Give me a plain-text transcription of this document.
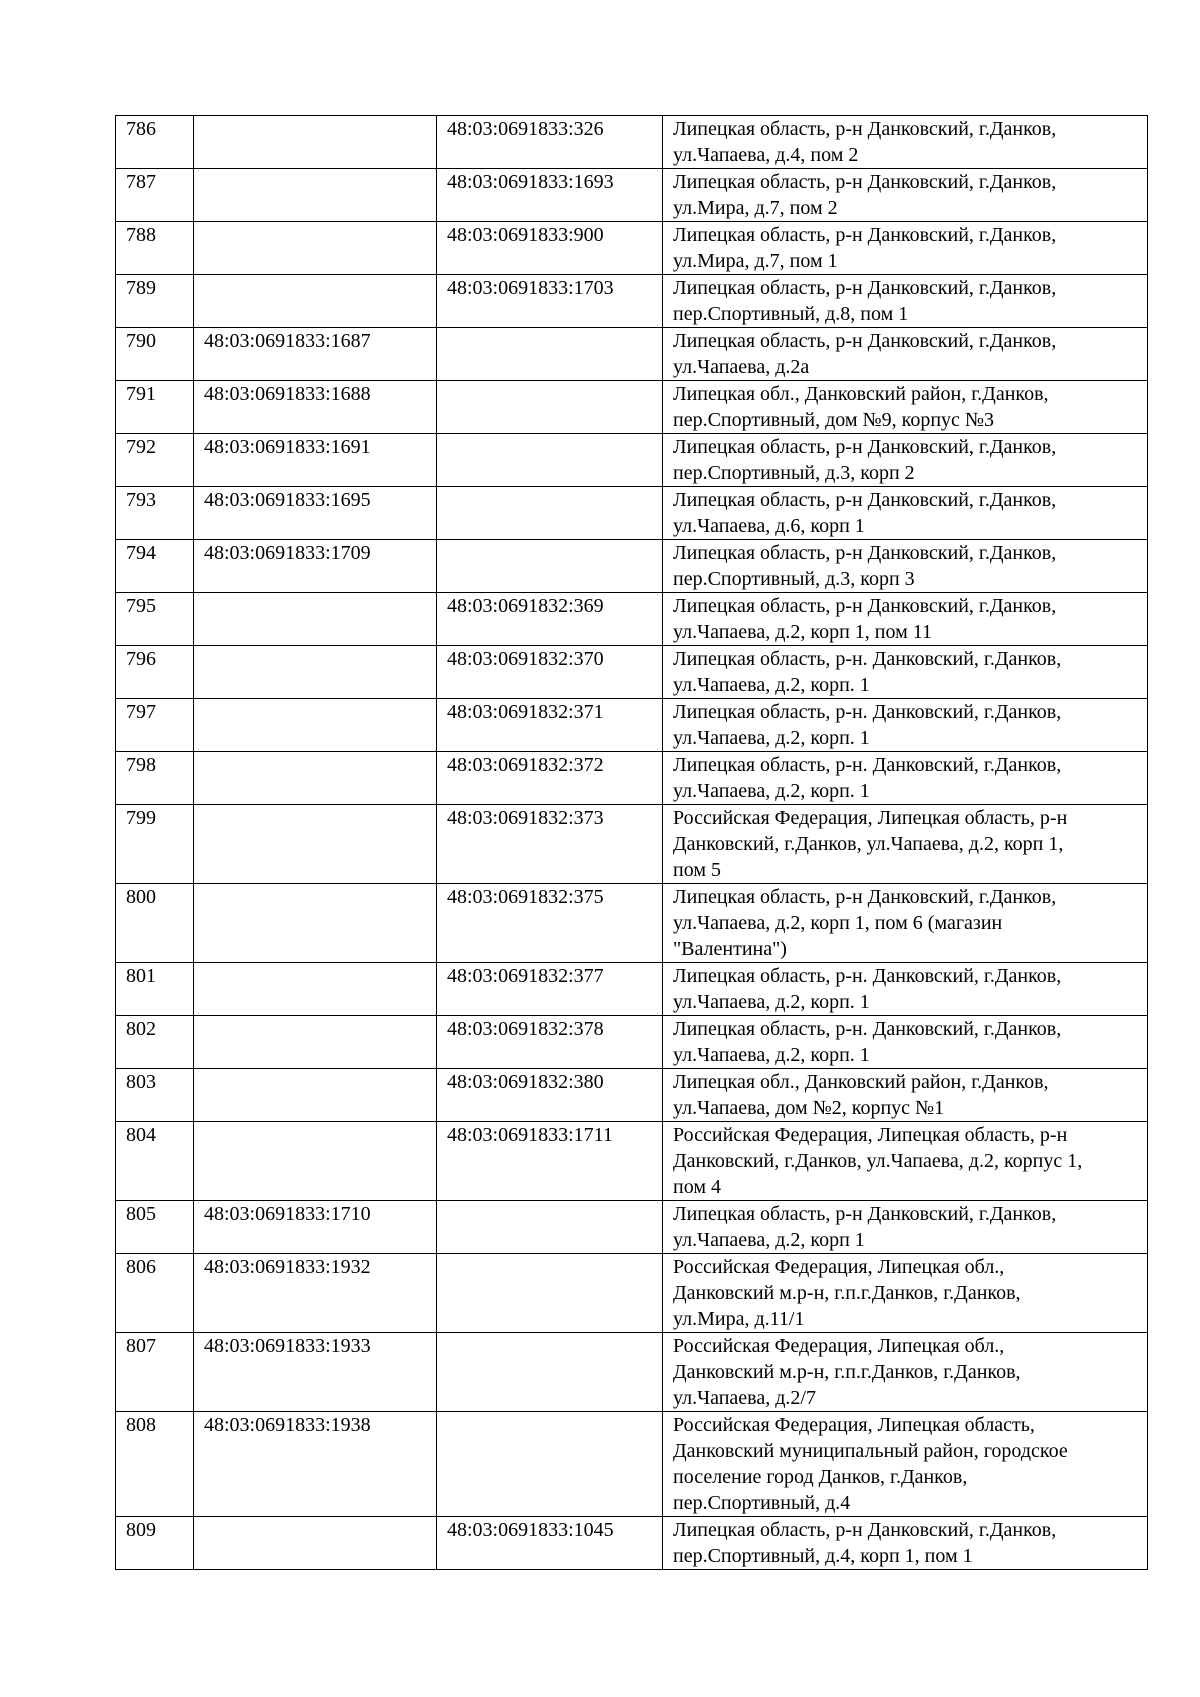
786		48:03:0691833:326	Липецкая область, р-н Данковский, г.Данков,
ул.Чапаева, д.4, пом 2
787		48:03:0691833:1693	Липецкая область, р-н Данковский, г.Данков,
ул.Мира, д.7, пом 2
788		48:03:0691833:900	Липецкая область, р-н Данковский, г.Данков,
ул.Мира, д.7, пом 1
789		48:03:0691833:1703	Липецкая область, р-н Данковский, г.Данков,
пер.Спортивный, д.8, пом 1
790	48:03:0691833:1687		Липецкая область, р-н Данковский, г.Данков,
ул.Чапаева, д.2а
791	48:03:0691833:1688		Липецкая обл., Данковский район, г.Данков,
пер.Спортивный, дом №9, корпус №3
792	48:03:0691833:1691		Липецкая область, р-н Данковский, г.Данков,
пер.Спортивный, д.3, корп 2
793	48:03:0691833:1695		Липецкая область, р-н Данковский, г.Данков,
ул.Чапаева, д.6, корп 1
794	48:03:0691833:1709		Липецкая область, р-н Данковский, г.Данков,
пер.Спортивный, д.3, корп 3
795		48:03:0691832:369	Липецкая область, р-н Данковский, г.Данков,
ул.Чапаева, д.2, корп 1, пом 11
796		48:03:0691832:370	Липецкая область, р-н. Данковский, г.Данков,
ул.Чапаева, д.2, корп. 1
797		48:03:0691832:371	Липецкая область, р-н. Данковский, г.Данков,
ул.Чапаева, д.2, корп. 1
798		48:03:0691832:372	Липецкая область, р-н. Данковский, г.Данков,
ул.Чапаева, д.2, корп. 1
799		48:03:0691832:373	Российская Федерация, Липецкая область, р-н
Данковский, г.Данков, ул.Чапаева, д.2, корп 1,
пом 5
800		48:03:0691832:375	Липецкая область, р-н Данковский, г.Данков,
ул.Чапаева, д.2, корп 1, пом 6 (магазин
"Валентина")
801		48:03:0691832:377	Липецкая область, р-н. Данковский, г.Данков,
ул.Чапаева, д.2, корп. 1
802		48:03:0691832:378	Липецкая область, р-н. Данковский, г.Данков,
ул.Чапаева, д.2, корп. 1
803		48:03:0691832:380	Липецкая обл., Данковский район, г.Данков,
ул.Чапаева, дом №2, корпус №1
804		48:03:0691833:1711	Российская Федерация, Липецкая область, р-н
Данковский, г.Данков, ул.Чапаева, д.2, корпус 1,
пом 4
805	48:03:0691833:1710		Липецкая область, р-н Данковский, г.Данков,
ул.Чапаева, д.2, корп 1
806	48:03:0691833:1932		Российская Федерация, Липецкая обл.,
Данковский м.р-н, г.п.г.Данков, г.Данков,
ул.Мира, д.11/1
807	48:03:0691833:1933		Российская Федерация, Липецкая обл.,
Данковский м.р-н, г.п.г.Данков, г.Данков,
ул.Чапаева, д.2/7
808	48:03:0691833:1938		Российская Федерация, Липецкая область,
Данковский муниципальный район, городское
поселение город Данков, г.Данков,
пер.Спортивный, д.4
809		48:03:0691833:1045	Липецкая область, р-н Данковский, г.Данков,
пер.Спортивный, д.4, корп 1, пом 1
